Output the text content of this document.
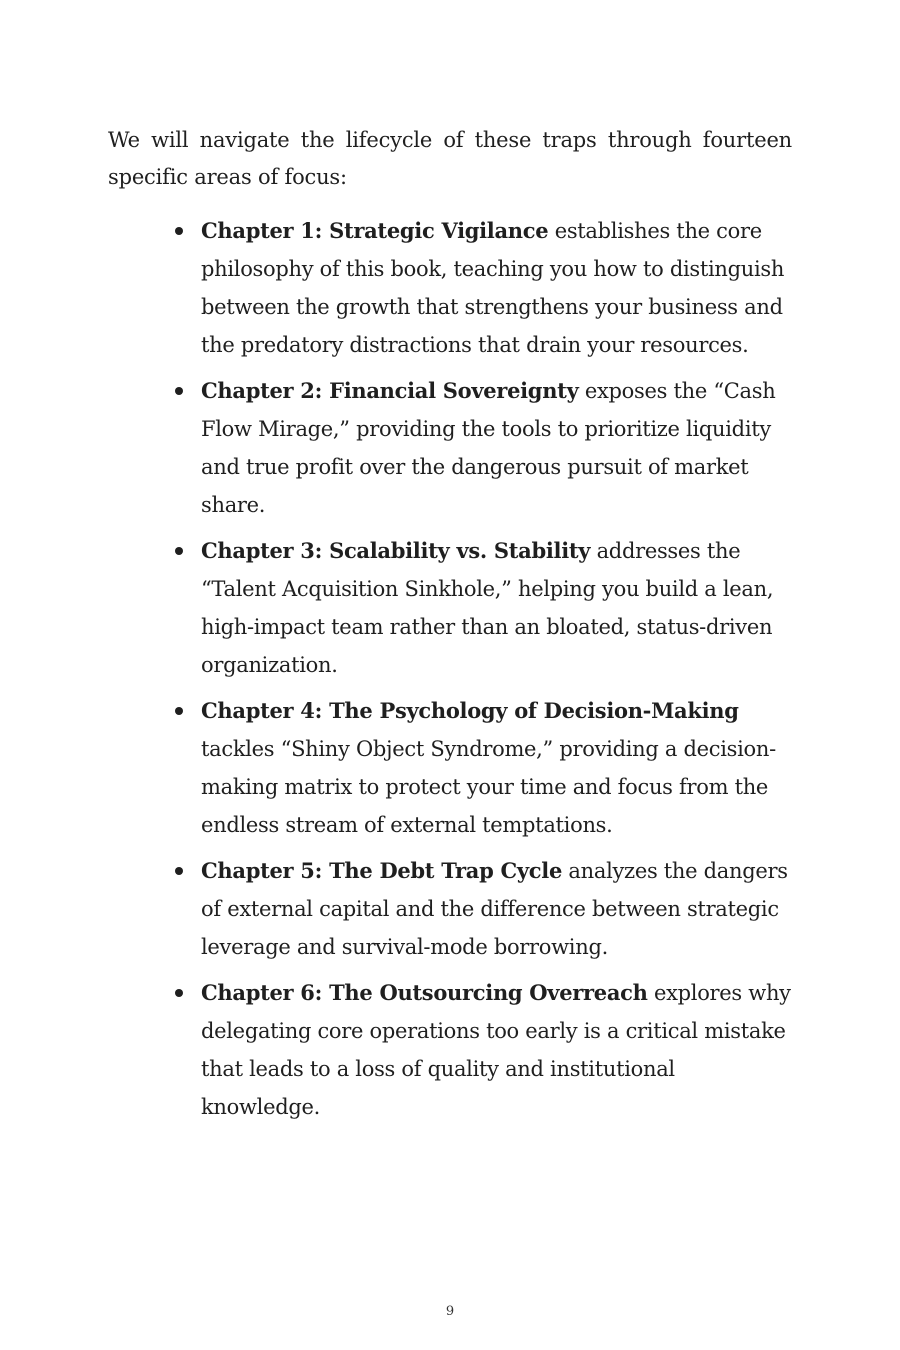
We will navigate the lifecycle of these traps through fourteen specific areas of focus:

Chapter 1: Strategic Vigilance establishes the core philosophy of this book, teaching you how to distinguish between the growth that strengthens your business and the predatory distractions that drain your resources.
Chapter 2: Financial Sovereignty exposes the “Cash Flow Mirage,” providing the tools to prioritize liquidity and true profit over the dangerous pursuit of market share.
Chapter 3: Scalability vs. Stability addresses the “Talent Acquisition Sinkhole,” helping you build a lean, high-impact team rather than an bloated, status-driven organization.
Chapter 4: The Psychology of Decision-Making tackles “Shiny Object Syndrome,” providing a decision-making matrix to protect your time and focus from the endless stream of external temptations.
Chapter 5: The Debt Trap Cycle analyzes the dangers of external capital and the difference between strategic leverage and survival-mode borrowing.
Chapter 6: The Outsourcing Overreach explores why delegating core operations too early is a critical mistake that leads to a loss of quality and institutional knowledge.
9
